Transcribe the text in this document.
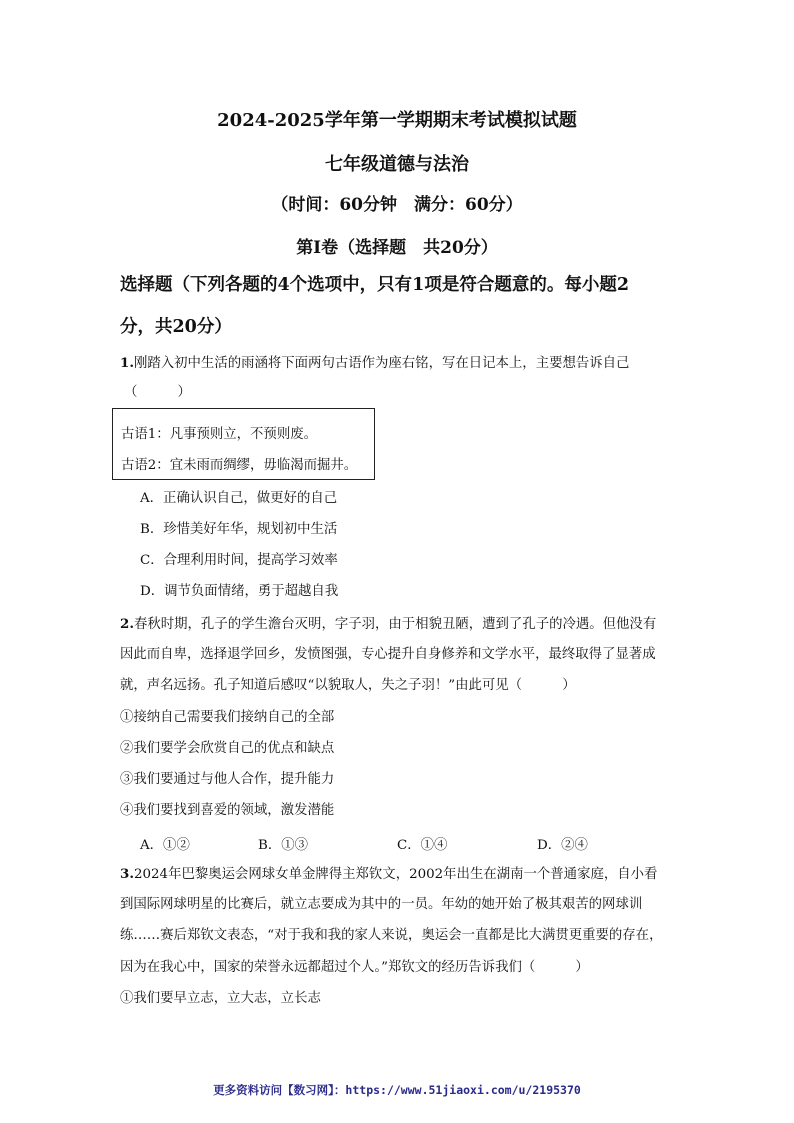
2024-2025学年第一学期期末考试模拟试题
七年级道德与法治
（时间：60分钟　满分：60分）
第Ⅰ卷（选择题　共20分）
选择题（下列各题的4个选项中，只有1项是符合题意的。每小题2
分，共20分）
1.刚踏入初中生活的雨涵将下面两句古语作为座右铭，写在日记本上，主要想告诉自己
（　　　）
古语1：凡事预则立，不预则废。
古语2：宜未雨而绸缪，毋临渴而掘井。
A．正确认识自己，做更好的自己
B．珍惜美好年华，规划初中生活
C．合理利用时间，提高学习效率
D．调节负面情绪，勇于超越自我
2.春秋时期，孔子的学生澹台灭明，字子羽，由于相貌丑陋，遭到了孔子的冷遇。但他没有
因此而自卑，选择退学回乡，发愤图强，专心提升自身修养和文学水平，最终取得了显著成
就，声名远扬。孔子知道后感叹“以貌取人，失之子羽！”由此可见（　　　）
①接纳自己需要我们接纳自己的全部
②我们要学会欣赏自己的优点和缺点
③我们要通过与他人合作，提升能力
④我们要找到喜爱的领域，激发潜能
A．①②	B．①③	C．①④	D．②④
3.2024年巴黎奥运会网球女单金牌得主郑钦文，2002年出生在湖南一个普通家庭，自小看
到国际网球明星的比赛后，就立志要成为其中的一员。年幼的她开始了极其艰苦的网球训
练……赛后郑钦文表态，“对于我和我的家人来说，奥运会一直都是比大满贯更重要的存在，
因为在我心中，国家的荣誉永远都超过个人。”郑钦文的经历告诉我们（　　　）
①我们要早立志，立大志，立长志
更多资料访问【数习网】：https://www.51jiaoxi.com/u/2195370
